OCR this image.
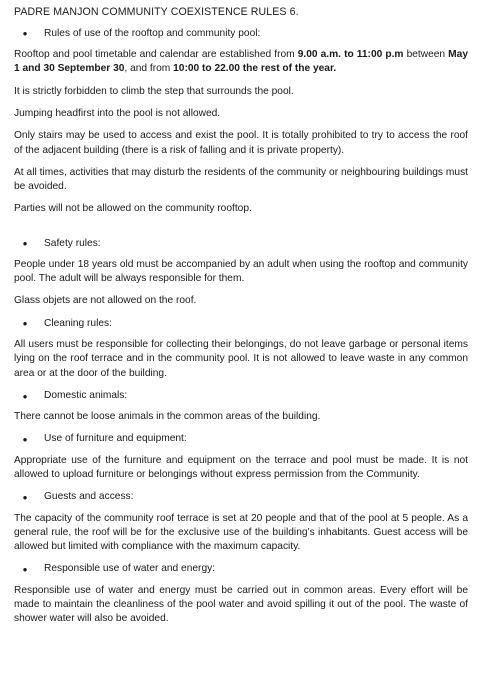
PADRE MANJON COMMUNITY COEXISTENCE RULES 6.
•	Rules of use of the rooftop and community pool:

Rooftop and pool timetable and calendar are established from 9.00 a.m. to 11:00 p.m between May 1 and 30 September 30, and from 10:00 to 22.00 the rest of the year.

It is strictly forbidden to climb the step that surrounds the pool.

Jumping headfirst into the pool is not allowed.

Only stairs may be used to access and exist the pool. It is totally prohibited to try to access the roof of the adjacent building (there is a risk of falling and it is private property).

At all times, activities that may disturb the residents of the community or neighbouring buildings must be avoided.

Parties will not be allowed on the community rooftop.

•	Safety rules:

People under 18 years old must be accompanied by an adult when using the rooftop and community pool. The adult will be always responsible for them.

Glass objets are not allowed on the roof.

•	Cleaning rules:

All users must be responsible for collecting their belongings, do not leave garbage or personal items lying on the roof terrace and in the community pool. It is not allowed to leave waste in any common area or at the door of the building.

•	Domestic animals:

There cannot be loose animals in the common areas of the building.

•	Use of furniture and equipment:

Appropriate use of the furniture and equipment on the terrace and pool must be made. It is not allowed to upload furniture or belongings without express permission from the Community.

•	Guests and access:

The capacity of the community roof terrace is set at 20 people and that of the pool at 5 people. As a general rule, the roof will be for the exclusive use of the building’s inhabitants. Guest access will be allowed but limited with compliance with the maximum capacity.

•	Responsible use of water and energy:

Responsible use of water and energy must be carried out in common areas. Every effort will be made to maintain the cleanliness of the pool water and avoid spilling it out of the pool. The waste of shower water will also be avoided.
